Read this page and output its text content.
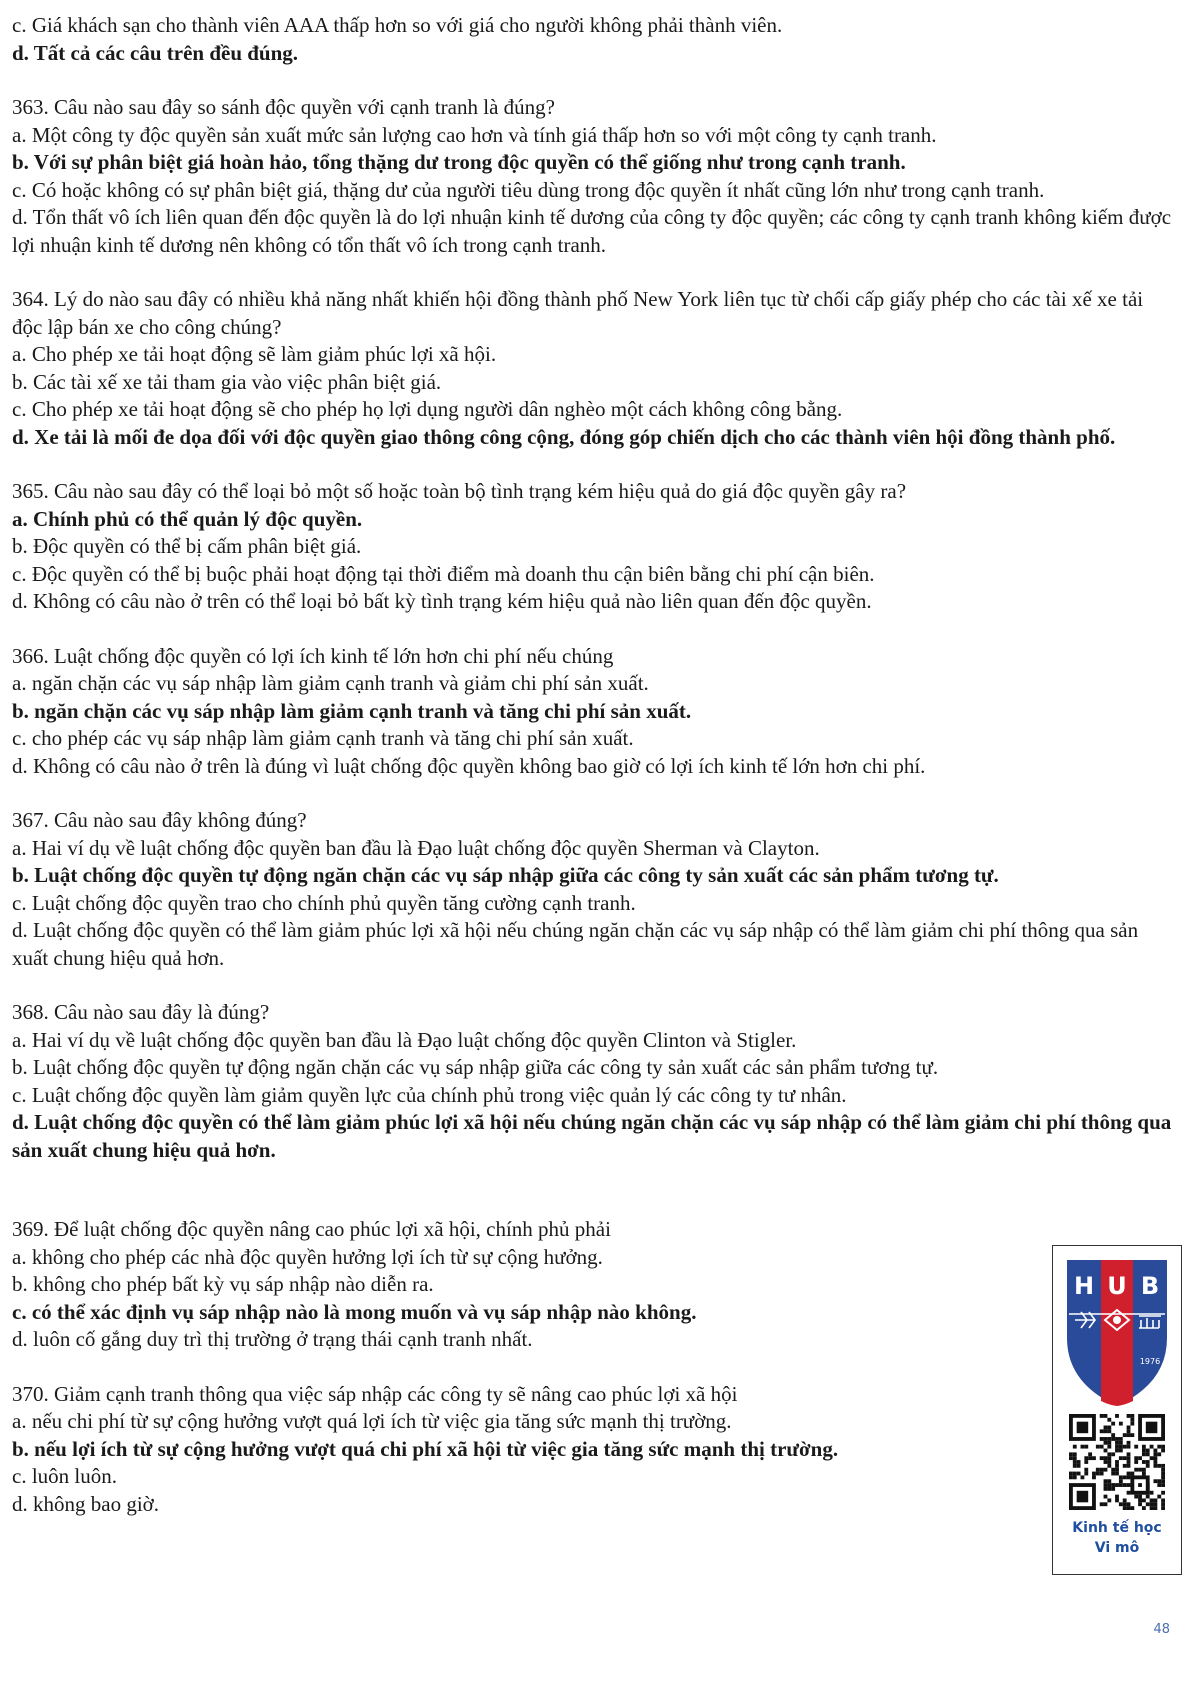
c. Giá khách sạn cho thành viên AAA thấp hơn so với giá cho người không phải thành viên.

d. Tất cả các câu trên đều đúng.

363. Câu nào sau đây so sánh độc quyền với cạnh tranh là đúng?

a. Một công ty độc quyền sản xuất mức sản lượng cao hơn và tính giá thấp hơn so với một công ty cạnh tranh.

b. Với sự phân biệt giá hoàn hảo, tổng thặng dư trong độc quyền có thể giống như trong cạnh tranh.

c. Có hoặc không có sự phân biệt giá, thặng dư của người tiêu dùng trong độc quyền ít nhất cũng lớn như trong cạnh tranh.

d. Tổn thất vô ích liên quan đến độc quyền là do lợi nhuận kinh tế dương của công ty độc quyền; các công ty cạnh tranh không kiếm được lợi nhuận kinh tế dương nên không có tổn thất vô ích trong cạnh tranh.

364. Lý do nào sau đây có nhiều khả năng nhất khiến hội đồng thành phố New York liên tục từ chối cấp giấy phép cho các tài xế xe tải độc lập bán xe cho công chúng?

a. Cho phép xe tải hoạt động sẽ làm giảm phúc lợi xã hội.

b. Các tài xế xe tải tham gia vào việc phân biệt giá.

c. Cho phép xe tải hoạt động sẽ cho phép họ lợi dụng người dân nghèo một cách không công bằng.

d. Xe tải là mối đe dọa đối với độc quyền giao thông công cộng, đóng góp chiến dịch cho các thành viên hội đồng thành phố.

365. Câu nào sau đây có thể loại bỏ một số hoặc toàn bộ tình trạng kém hiệu quả do giá độc quyền gây ra?

a. Chính phủ có thể quản lý độc quyền.

b. Độc quyền có thể bị cấm phân biệt giá.

c. Độc quyền có thể bị buộc phải hoạt động tại thời điểm mà doanh thu cận biên bằng chi phí cận biên.

d. Không có câu nào ở trên có thể loại bỏ bất kỳ tình trạng kém hiệu quả nào liên quan đến độc quyền.

366. Luật chống độc quyền có lợi ích kinh tế lớn hơn chi phí nếu chúng

a. ngăn chặn các vụ sáp nhập làm giảm cạnh tranh và giảm chi phí sản xuất.

b. ngăn chặn các vụ sáp nhập làm giảm cạnh tranh và tăng chi phí sản xuất.

c. cho phép các vụ sáp nhập làm giảm cạnh tranh và tăng chi phí sản xuất.

d. Không có câu nào ở trên là đúng vì luật chống độc quyền không bao giờ có lợi ích kinh tế lớn hơn chi phí.

367. Câu nào sau đây không đúng?

a. Hai ví dụ về luật chống độc quyền ban đầu là Đạo luật chống độc quyền Sherman và Clayton.

b. Luật chống độc quyền tự động ngăn chặn các vụ sáp nhập giữa các công ty sản xuất các sản phẩm tương tự.

c. Luật chống độc quyền trao cho chính phủ quyền tăng cường cạnh tranh.

d. Luật chống độc quyền có thể làm giảm phúc lợi xã hội nếu chúng ngăn chặn các vụ sáp nhập có thể làm giảm chi phí thông qua sản xuất chung hiệu quả hơn.

368. Câu nào sau đây là đúng?

a. Hai ví dụ về luật chống độc quyền ban đầu là Đạo luật chống độc quyền Clinton và Stigler.

b. Luật chống độc quyền tự động ngăn chặn các vụ sáp nhập giữa các công ty sản xuất các sản phẩm tương tự.

c. Luật chống độc quyền làm giảm quyền lực của chính phủ trong việc quản lý các công ty tư nhân.

d. Luật chống độc quyền có thể làm giảm phúc lợi xã hội nếu chúng ngăn chặn các vụ sáp nhập có thể làm giảm chi phí thông qua sản xuất chung hiệu quả hơn.

369. Để luật chống độc quyền nâng cao phúc lợi xã hội, chính phủ phải

a. không cho phép các nhà độc quyền hưởng lợi ích từ sự cộng hưởng.

b. không cho phép bất kỳ vụ sáp nhập nào diễn ra.

c. có thể xác định vụ sáp nhập nào là mong muốn và vụ sáp nhập nào không.

d. luôn cố gắng duy trì thị trường ở trạng thái cạnh tranh nhất.

370. Giảm cạnh tranh thông qua việc sáp nhập các công ty sẽ nâng cao phúc lợi xã hội

a. nếu chi phí từ sự cộng hưởng vượt quá lợi ích từ việc gia tăng sức mạnh thị trường.

b. nếu lợi ích từ sự cộng hưởng vượt quá chi phí xã hội từ việc gia tăng sức mạnh thị trường.

c. luôn luôn.

d. không bao giờ.

H U B
1976
Kinh tế học
Vi mô
48
